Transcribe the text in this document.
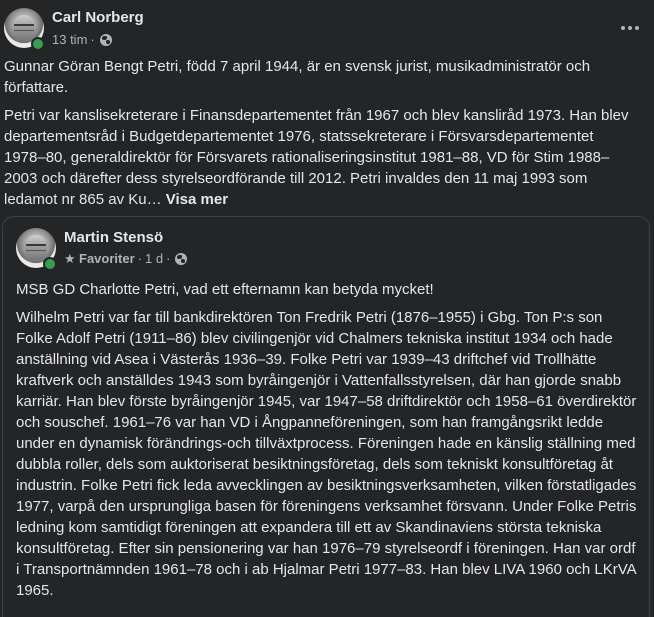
Carl Norberg
13 tim ·

Gunnar Göran Bengt Petri, född 7 april 1944, är en svensk jurist, musikadministratör och författare.

Petri var kanslisekreterare i Finansdepartementet från 1967 och blev kansliråd 1973. Han blev departementsråd i Budgetdepartementet 1976, statssekreterare i Försvarsdepartementet 1978–80, generaldirektör för Försvarets rationaliseringsinstitut 1981–88, VD för Stim 1988–2003 och därefter dess styrelseordförande till 2012. Petri invaldes den 11 maj 1993 som ledamot nr 865 av Ku… Visa mer

Martin Stensö
★ Favoriter · 1 d ·

MSB GD Charlotte Petri, vad ett efternamn kan betyda mycket!

Wilhelm Petri var far till bankdirektören Ton Fredrik Petri (1876–1955) i Gbg. Ton P:s son Folke Adolf Petri (1911–86) blev civilingenjör vid Chalmers tekniska institut 1934 och hade anställning vid Asea i Västerås 1936–39. Folke Petri var 1939–43 driftchef vid Trollhätte kraftverk och anställdes 1943 som byråingenjör i Vattenfallsstyrelsen, där han gjorde snabb karriär. Han blev förste byråingenjör 1945, var 1947–58 driftdirektör och 1958–61 överdirektör och souschef. 1961–76 var han VD i Ångpanneföreningen, som han framgångsrikt ledde under en dynamisk förändrings-och tillväxtprocess. Föreningen hade en känslig ställning med dubbla roller, dels som auktoriserat besiktningsföretag, dels som tekniskt konsultföretag åt industrin. Folke Petri fick leda avvecklingen av besiktningsverksamheten, vilken förstatligades 1977, varpå den ursprungliga basen för föreningens verksamhet försvann. Under Folke Petris ledning kom samtidigt föreningen att expandera till ett av Skandinaviens största tekniska konsultföretag. Efter sin pensionering var han 1976–79 styrelseordf i föreningen. Han var ordf i Transportnämnden 1961–78 och i ab Hjalmar Petri 1977–83. Han blev LIVA 1960 och LKrVA 1965.
